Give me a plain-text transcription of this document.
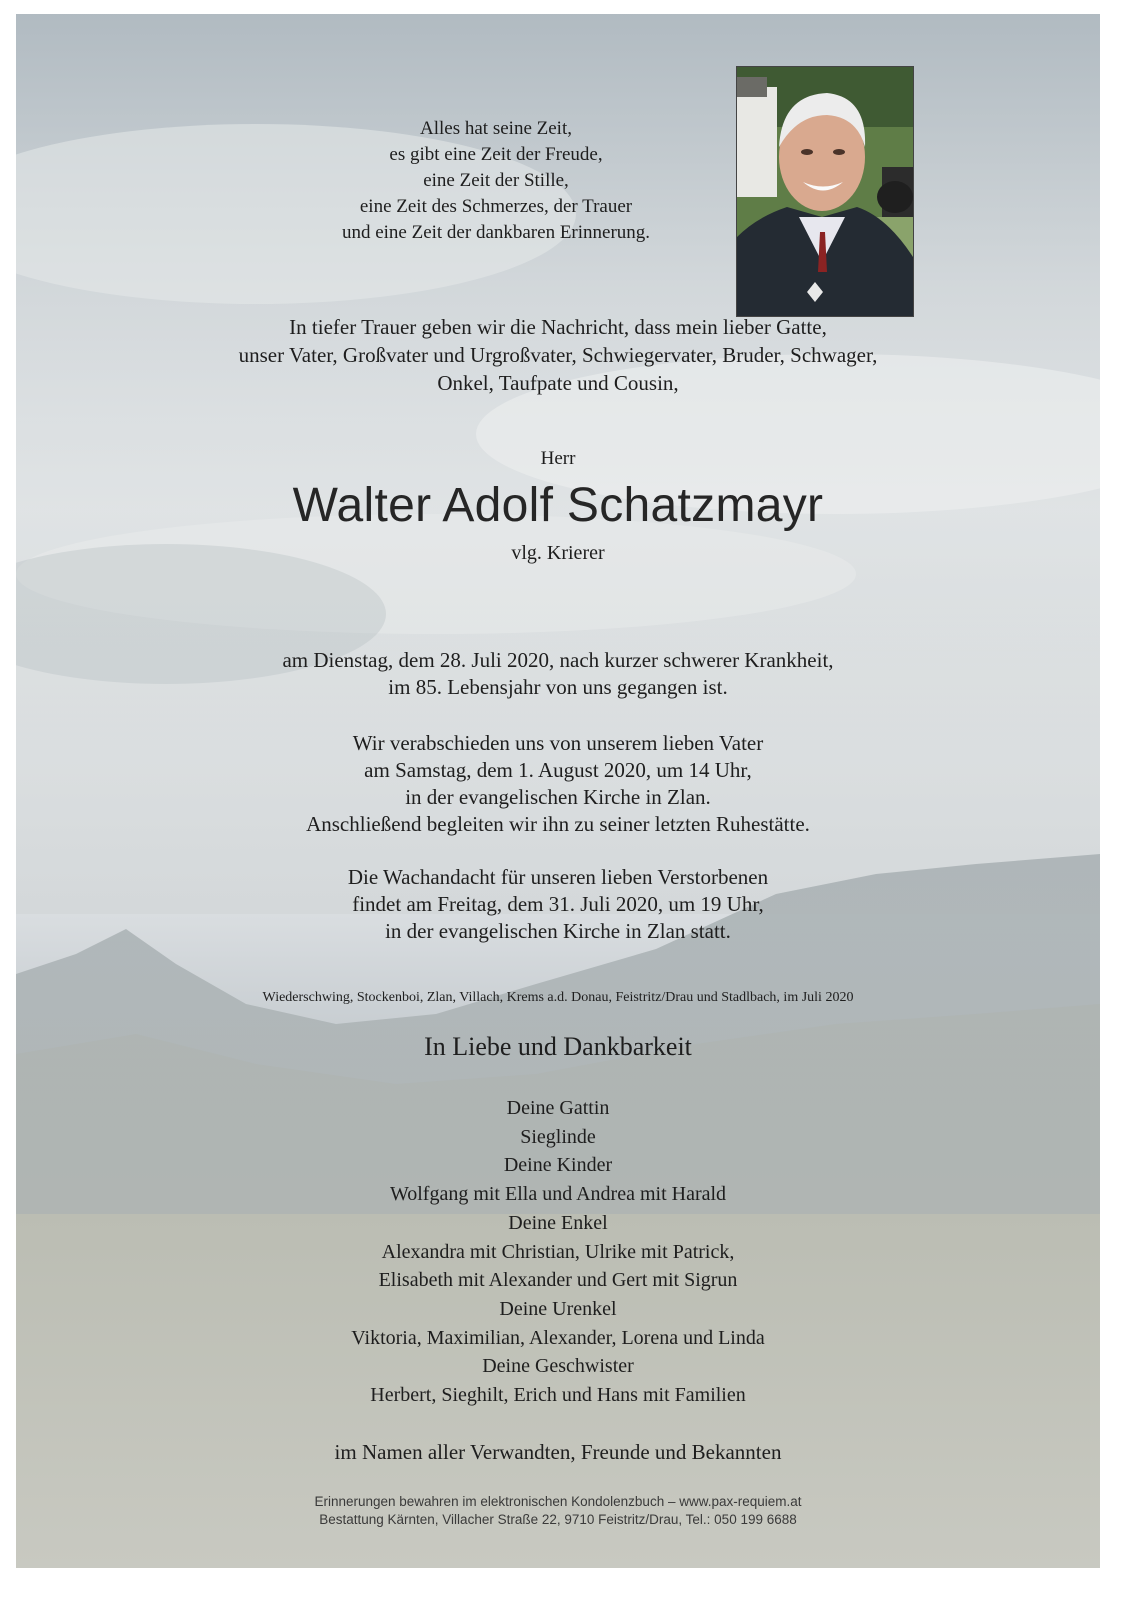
Alles hat seine Zeit,
es gibt eine Zeit der Freude,
eine Zeit der Stille,
eine Zeit des Schmerzes, der Trauer
und eine Zeit der dankbaren Erinnerung.
In tiefer Trauer geben wir die Nachricht, dass mein lieber Gatte,
unser Vater, Großvater und Urgroßvater, Schwiegervater, Bruder, Schwager,
Onkel, Taufpate und Cousin,
Herr
Walter Adolf Schatzmayr
vlg. Krierer
am Dienstag, dem 28. Juli 2020, nach kurzer schwerer Krankheit,
im 85. Lebensjahr von uns gegangen ist.
Wir verabschieden uns von unserem lieben Vater
am Samstag, dem 1. August 2020, um 14 Uhr,
in der evangelischen Kirche in Zlan.
Anschließend begleiten wir ihn zu seiner letzten Ruhestätte.
Die Wachandacht für unseren lieben Verstorbenen
findet am Freitag, dem 31. Juli 2020, um 19 Uhr,
in der evangelischen Kirche in Zlan statt.
Wiederschwing, Stockenboi, Zlan, Villach, Krems a.d. Donau, Feistritz/Drau und Stadlbach, im Juli 2020
In Liebe und Dankbarkeit
Deine Gattin
Sieglinde
Deine Kinder
Wolfgang mit Ella und Andrea mit Harald
Deine Enkel
Alexandra mit Christian, Ulrike mit Patrick,
Elisabeth mit Alexander und Gert mit Sigrun
Deine Urenkel
Viktoria, Maximilian, Alexander, Lorena und Linda
Deine Geschwister
Herbert, Sieghilt, Erich und Hans mit Familien
im Namen aller Verwandten, Freunde und Bekannten
Erinnerungen bewahren im elektronischen Kondolenzbuch – www.pax-requiem.at
Bestattung Kärnten, Villacher Straße 22, 9710 Feistritz/Drau, Tel.: 050 199 6688
